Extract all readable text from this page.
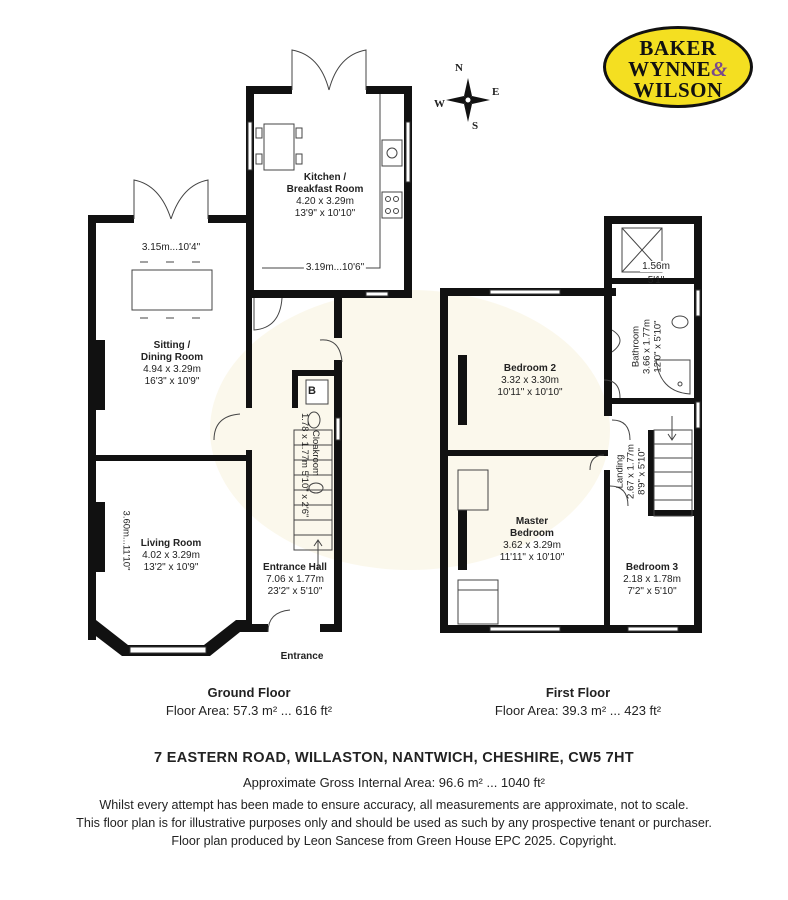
BAKER
WYNNE&
WILSON
N
S
E
W
Kitchen /
Breakfast Room
4.20 x 3.29m
13'9" x 10'10"
3.19m...10'6"
3.15m...10'4"
Sitting /
Dining Room
4.94 x 3.29m
16'3" x 10'9"
Living Room
4.02 x 3.29m
13'2" x 10'9"
3.60m...11'10"
Cloakroom
1.78 x 1.77m 5'10" x 2'6"
B
Entrance Hall
7.06 x 1.77m
23'2" x 5'10"
Entrance
Bedroom 2
3.32 x 3.30m
10'11" x 10'10"
1.56m
5'1"
Bathroom
3.66 x 1.77m
12'0" x 5'10"
Landing
2.67 x 1.77m
8'9" x 5'10"
Master
Bedroom
3.62 x 3.29m
11'11" x 10'10"
Bedroom 3
2.18 x 1.78m
7'2" x 5'10"
Ground Floor
Floor Area: 57.3 m² ... 616 ft²
First Floor
Floor Area: 39.3 m² ... 423 ft²
7 EASTERN ROAD, WILLASTON, NANTWICH, CHESHIRE, CW5 7HT
Approximate Gross Internal Area: 96.6 m² ... 1040 ft²
Whilst every attempt has been made to ensure accuracy, all measurements are approximate, not to scale.
This floor plan is for illustrative purposes only and should be used as such by any prospective tenant or purchaser.
Floor plan produced by Leon Sancese from Green House EPC 2025. Copyright.
